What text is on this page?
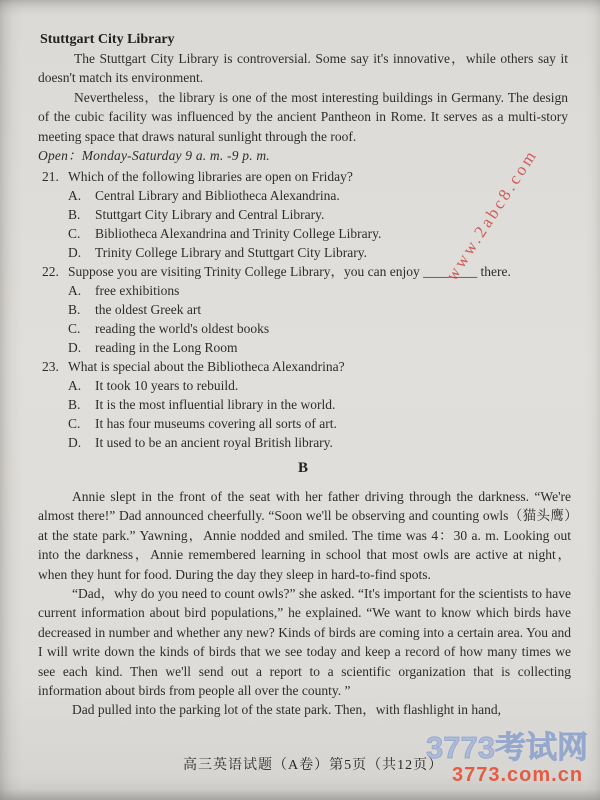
Stuttgart City Library

The Stuttgart City Library is controversial. Some say it's innovative，while others say it doesn't match its environment.

Nevertheless，the library is one of the most interesting buildings in Germany. The design of the cubic facility was influenced by the ancient Pantheon in Rome. It serves as a multi-story meeting space that draws natural sunlight through the roof.

Open：Monday-Saturday 9 a. m. -9 p. m.

21. Which of the following libraries are open on Friday?
A.	Central Library and Bibliotheca Alexandrina.
B.	Stuttgart City Library and Central Library.
C.	Bibliotheca Alexandrina and Trinity College Library.
D.	Trinity College Library and Stuttgart City Library.
22. Suppose you are visiting Trinity College Library，you can enjoy ________ there.
A.	free exhibitions
B.	the oldest Greek art
C.	reading the world's oldest books
D.	reading in the Long Room
23. What is special about the Bibliotheca Alexandrina?
A.	It took 10 years to rebuild.
B.	It is the most influential library in the world.
C.	It has four museums covering all sorts of art.
D.	It used to be an ancient royal British library.
B

Annie slept in the front of the seat with her father driving through the darkness. “We're almost there!” Dad announced cheerfully. “Soon we'll be observing and counting owls（猫头鹰）at the state park.” Yawning，Annie nodded and smiled. The time was 4：30 a. m. Looking out into the darkness，Annie remembered learning in school that most owls are active at night，when they hunt for food. During the day they sleep in hard-to-find spots.

“Dad，why do you need to count owls?” she asked. “It's important for the scientists to have current information about bird populations,” he explained. “We want to know which birds have decreased in number and whether any new? Kinds of birds are coming into a certain area. You and I will write down the kinds of birds that we see today and keep a record of how many times we see each kind. Then we'll send out a report to a scientific organization that is collecting information about birds from people all over the county. ”

Dad pulled into the parking lot of the state park. Then，with flashlight in hand,

高三英语试题（A卷）第5页（共12页）
www.2abc8.com
3773考试网
3773.com.cn
